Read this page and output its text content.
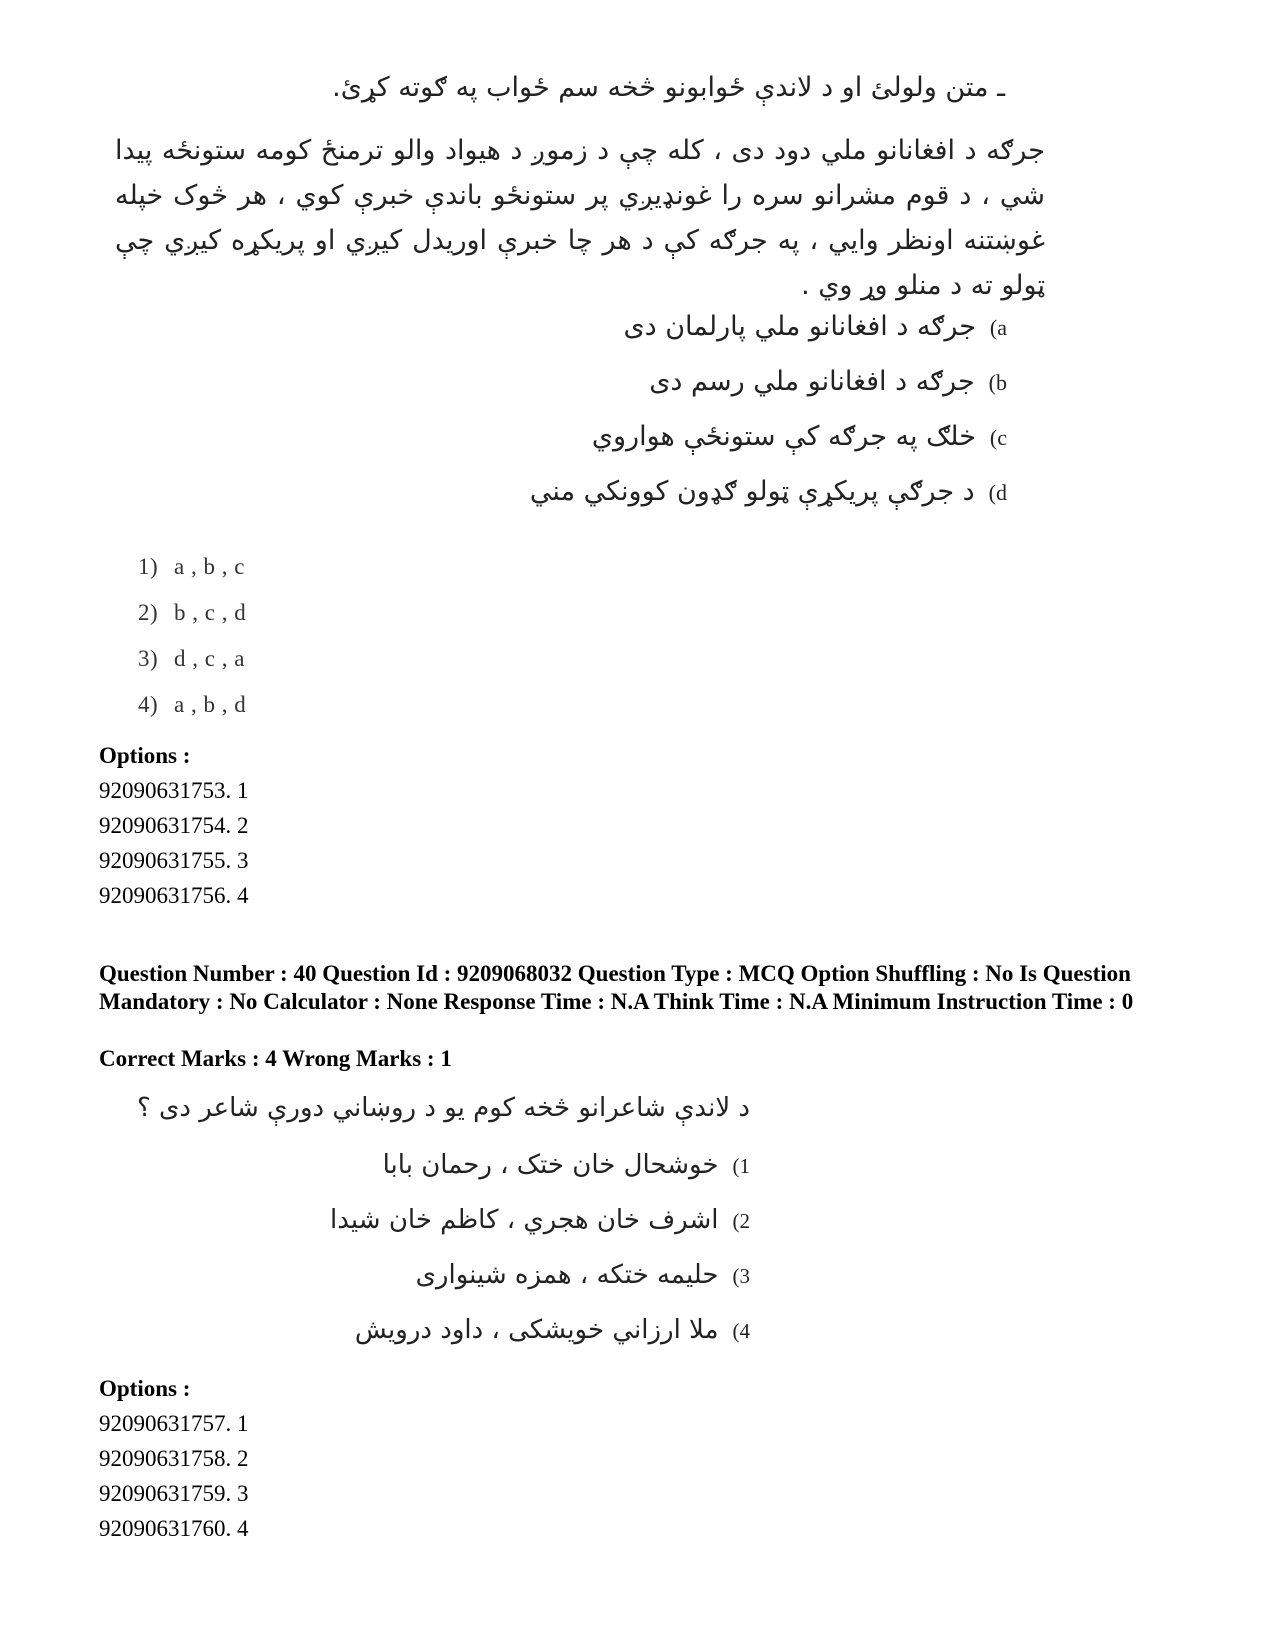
ـ متن ولولئ او د لاندې ځوابونو څخه سم ځواب په ګوته کړئ.
جرګه د افغانانو ملي دود دی ، کله چې د زموږ د هيواد والو ترمنځ کومه ستونځه پيدا شي ، د قوم مشرانو سره را غونډيږي پر ستونځو باندې خبرې کوي ، هر څوک خپله غوښتنه اونظر وايي ، په جرګه کې د هر چا خبرې اوريدل کيږي او پريکړه کيږي چې ټولو ته د منلو وړ وي .
a)
جرګه د افغانانو ملي پارلمان دی
b)
جرګه د افغانانو ملي رسم دی
c)
خلګ په جرګه کې ستونځې هواروي
d)
د جرګې پريکړې ټولو ګډون کوونکي مني
1) a , b , c
2) b , c , d
3) d , c , a
4) a , b , d
Options :
92090631753. 1
92090631754. 2
92090631755. 3
92090631756. 4
Question Number : 40 Question Id : 9209068032 Question Type : MCQ Option Shuffling : No Is Question Mandatory : No Calculator : None Response Time : N.A Think Time : N.A Minimum Instruction Time : 0
Correct Marks : 4 Wrong Marks : 1
د لاندې شاعرانو څخه کوم يو د روښاني دورې شاعر دی ؟
1)
خوشحال خان ختک ، رحمان بابا
2)
اشرف خان هجري ، کاظم خان شيدا
3)
حليمه ختکه ، همزه شينواری
4)
ملا ارزاني خويشکی ، داود درويش
Options :
92090631757. 1
92090631758. 2
92090631759. 3
92090631760. 4
